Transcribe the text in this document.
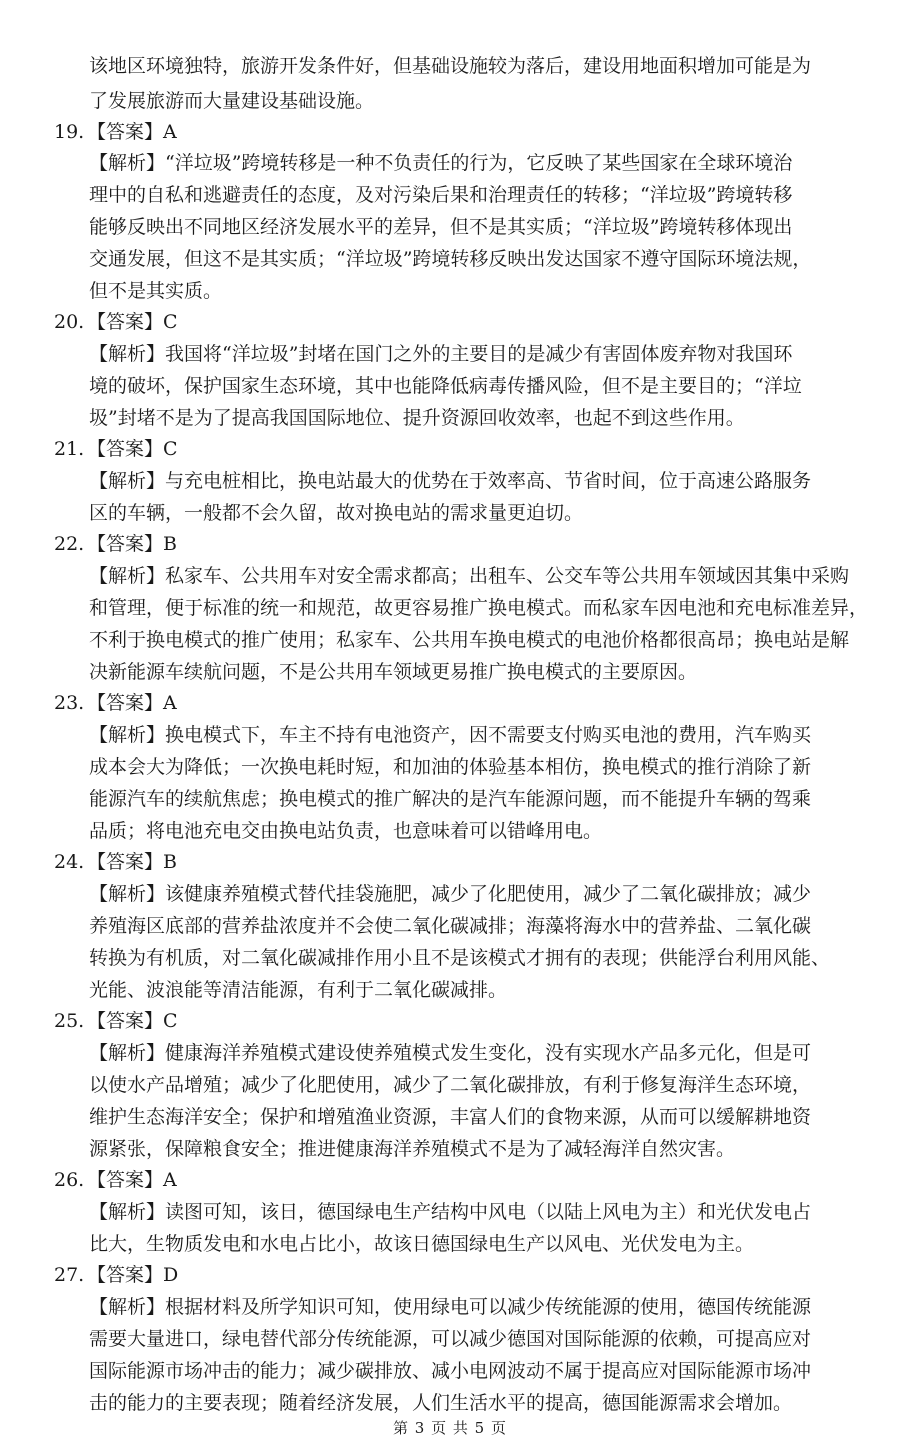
该地区环境独特，旅游开发条件好，但基础设施较为落后，建设用地面积增加可能是为
了发展旅游而大量建设基础设施。
19. 【答案】A
【解析】“洋垃圾”跨境转移是一种不负责任的行为，它反映了某些国家在全球环境治
理中的自私和逃避责任的态度，及对污染后果和治理责任的转移；“洋垃圾”跨境转移
能够反映出不同地区经济发展水平的差异，但不是其实质；“洋垃圾”跨境转移体现出
交通发展，但这不是其实质；“洋垃圾”跨境转移反映出发达国家不遵守国际环境法规，
但不是其实质。
20. 【答案】C
【解析】我国将“洋垃圾”封堵在国门之外的主要目的是减少有害固体废弃物对我国环
境的破坏，保护国家生态环境，其中也能降低病毒传播风险，但不是主要目的；“洋垃
圾”封堵不是为了提高我国国际地位、提升资源回收效率，也起不到这些作用。
21. 【答案】C
【解析】与充电桩相比，换电站最大的优势在于效率高、节省时间，位于高速公路服务
区的车辆，一般都不会久留，故对换电站的需求量更迫切。
22. 【答案】B
【解析】私家车、公共用车对安全需求都高；出租车、公交车等公共用车领域因其集中采购
和管理，便于标准的统一和规范，故更容易推广换电模式。而私家车因电池和充电标准差异，
不利于换电模式的推广使用；私家车、公共用车换电模式的电池价格都很高昂；换电站是解
决新能源车续航问题，不是公共用车领域更易推广换电模式的主要原因。
23. 【答案】A
【解析】换电模式下，车主不持有电池资产，因不需要支付购买电池的费用，汽车购买
成本会大为降低；一次换电耗时短，和加油的体验基本相仿，换电模式的推行消除了新
能源汽车的续航焦虑；换电模式的推广解决的是汽车能源问题，而不能提升车辆的驾乘
品质；将电池充电交由换电站负责，也意味着可以错峰用电。
24. 【答案】B
【解析】该健康养殖模式替代挂袋施肥，减少了化肥使用，减少了二氧化碳排放；减少
养殖海区底部的营养盐浓度并不会使二氧化碳减排；海藻将海水中的营养盐、二氧化碳
转换为有机质，对二氧化碳减排作用小且不是该模式才拥有的表现；供能浮台利用风能、
光能、波浪能等清洁能源，有利于二氧化碳减排。
25. 【答案】C
【解析】健康海洋养殖模式建设使养殖模式发生变化，没有实现水产品多元化，但是可
以使水产品增殖；减少了化肥使用，减少了二氧化碳排放，有利于修复海洋生态环境，
维护生态海洋安全；保护和增殖渔业资源，丰富人们的食物来源，从而可以缓解耕地资
源紧张，保障粮食安全；推进健康海洋养殖模式不是为了减轻海洋自然灾害。
26. 【答案】A
【解析】读图可知，该日，德国绿电生产结构中风电（以陆上风电为主）和光伏发电占
比大，生物质发电和水电占比小，故该日德国绿电生产以风电、光伏发电为主。
27. 【答案】D
【解析】根据材料及所学知识可知，使用绿电可以减少传统能源的使用，德国传统能源
需要大量进口，绿电替代部分传统能源，可以减少德国对国际能源的依赖，可提高应对
国际能源市场冲击的能力；减少碳排放、减小电网波动不属于提高应对国际能源市场冲
击的能力的主要表现；随着经济发展，人们生活水平的提高，德国能源需求会增加。
第 3 页 共 5 页
